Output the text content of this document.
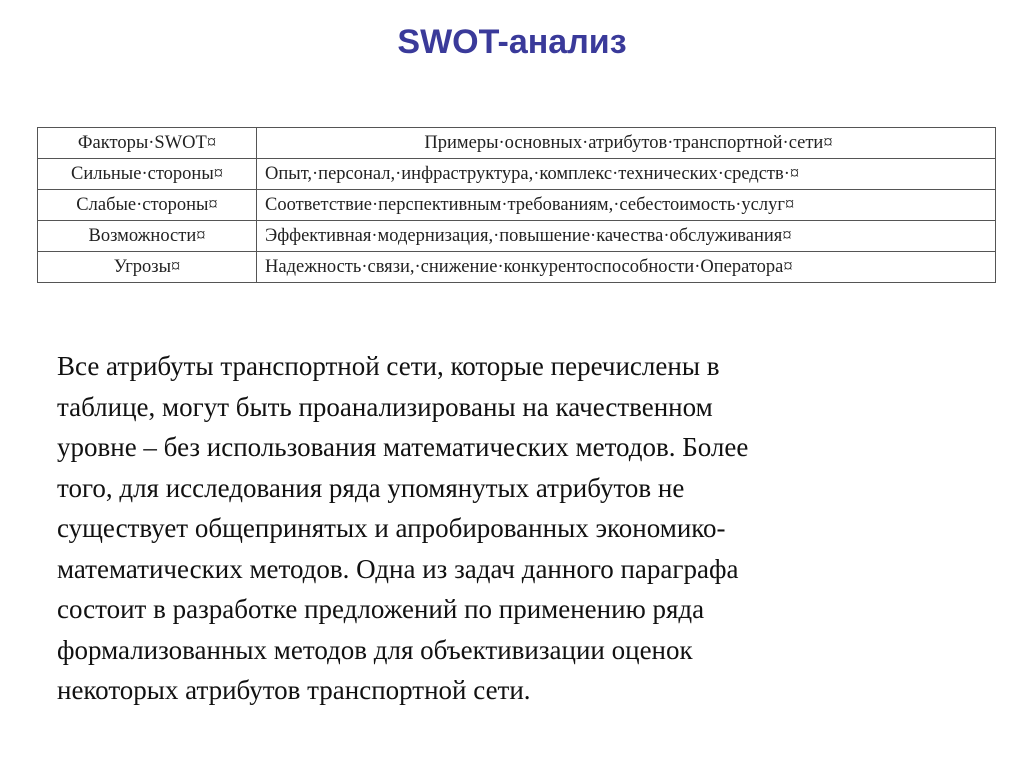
SWOT-анализ
Факторы·SWOT¤	Примеры·основных·атрибутов·транспортной·сети¤
Сильные·стороны¤	Опыт,·персонал,·инфраструктура,·комплекс·технических·средств·¤
Слабые·стороны¤	Соответствие·перспективным·требованиям,·себестоимость·услуг¤
Возможности¤	Эффективная·модернизация,·повышение·качества·обслуживания¤
Угрозы¤	Надежность·связи,·снижение·конкурентоспособности·Оператора¤
Все атрибуты транспортной сети, которые перечислены в
таблице, могут быть проанализированы на качественном
уровне – без использования математических методов. Более
того, для исследования ряда упомянутых атрибутов не
существует общепринятых и апробированных экономико-
математических методов. Одна из задач данного параграфа
состоит в разработке предложений по применению ряда
формализованных методов для объективизации оценок
некоторых атрибутов транспортной сети.
